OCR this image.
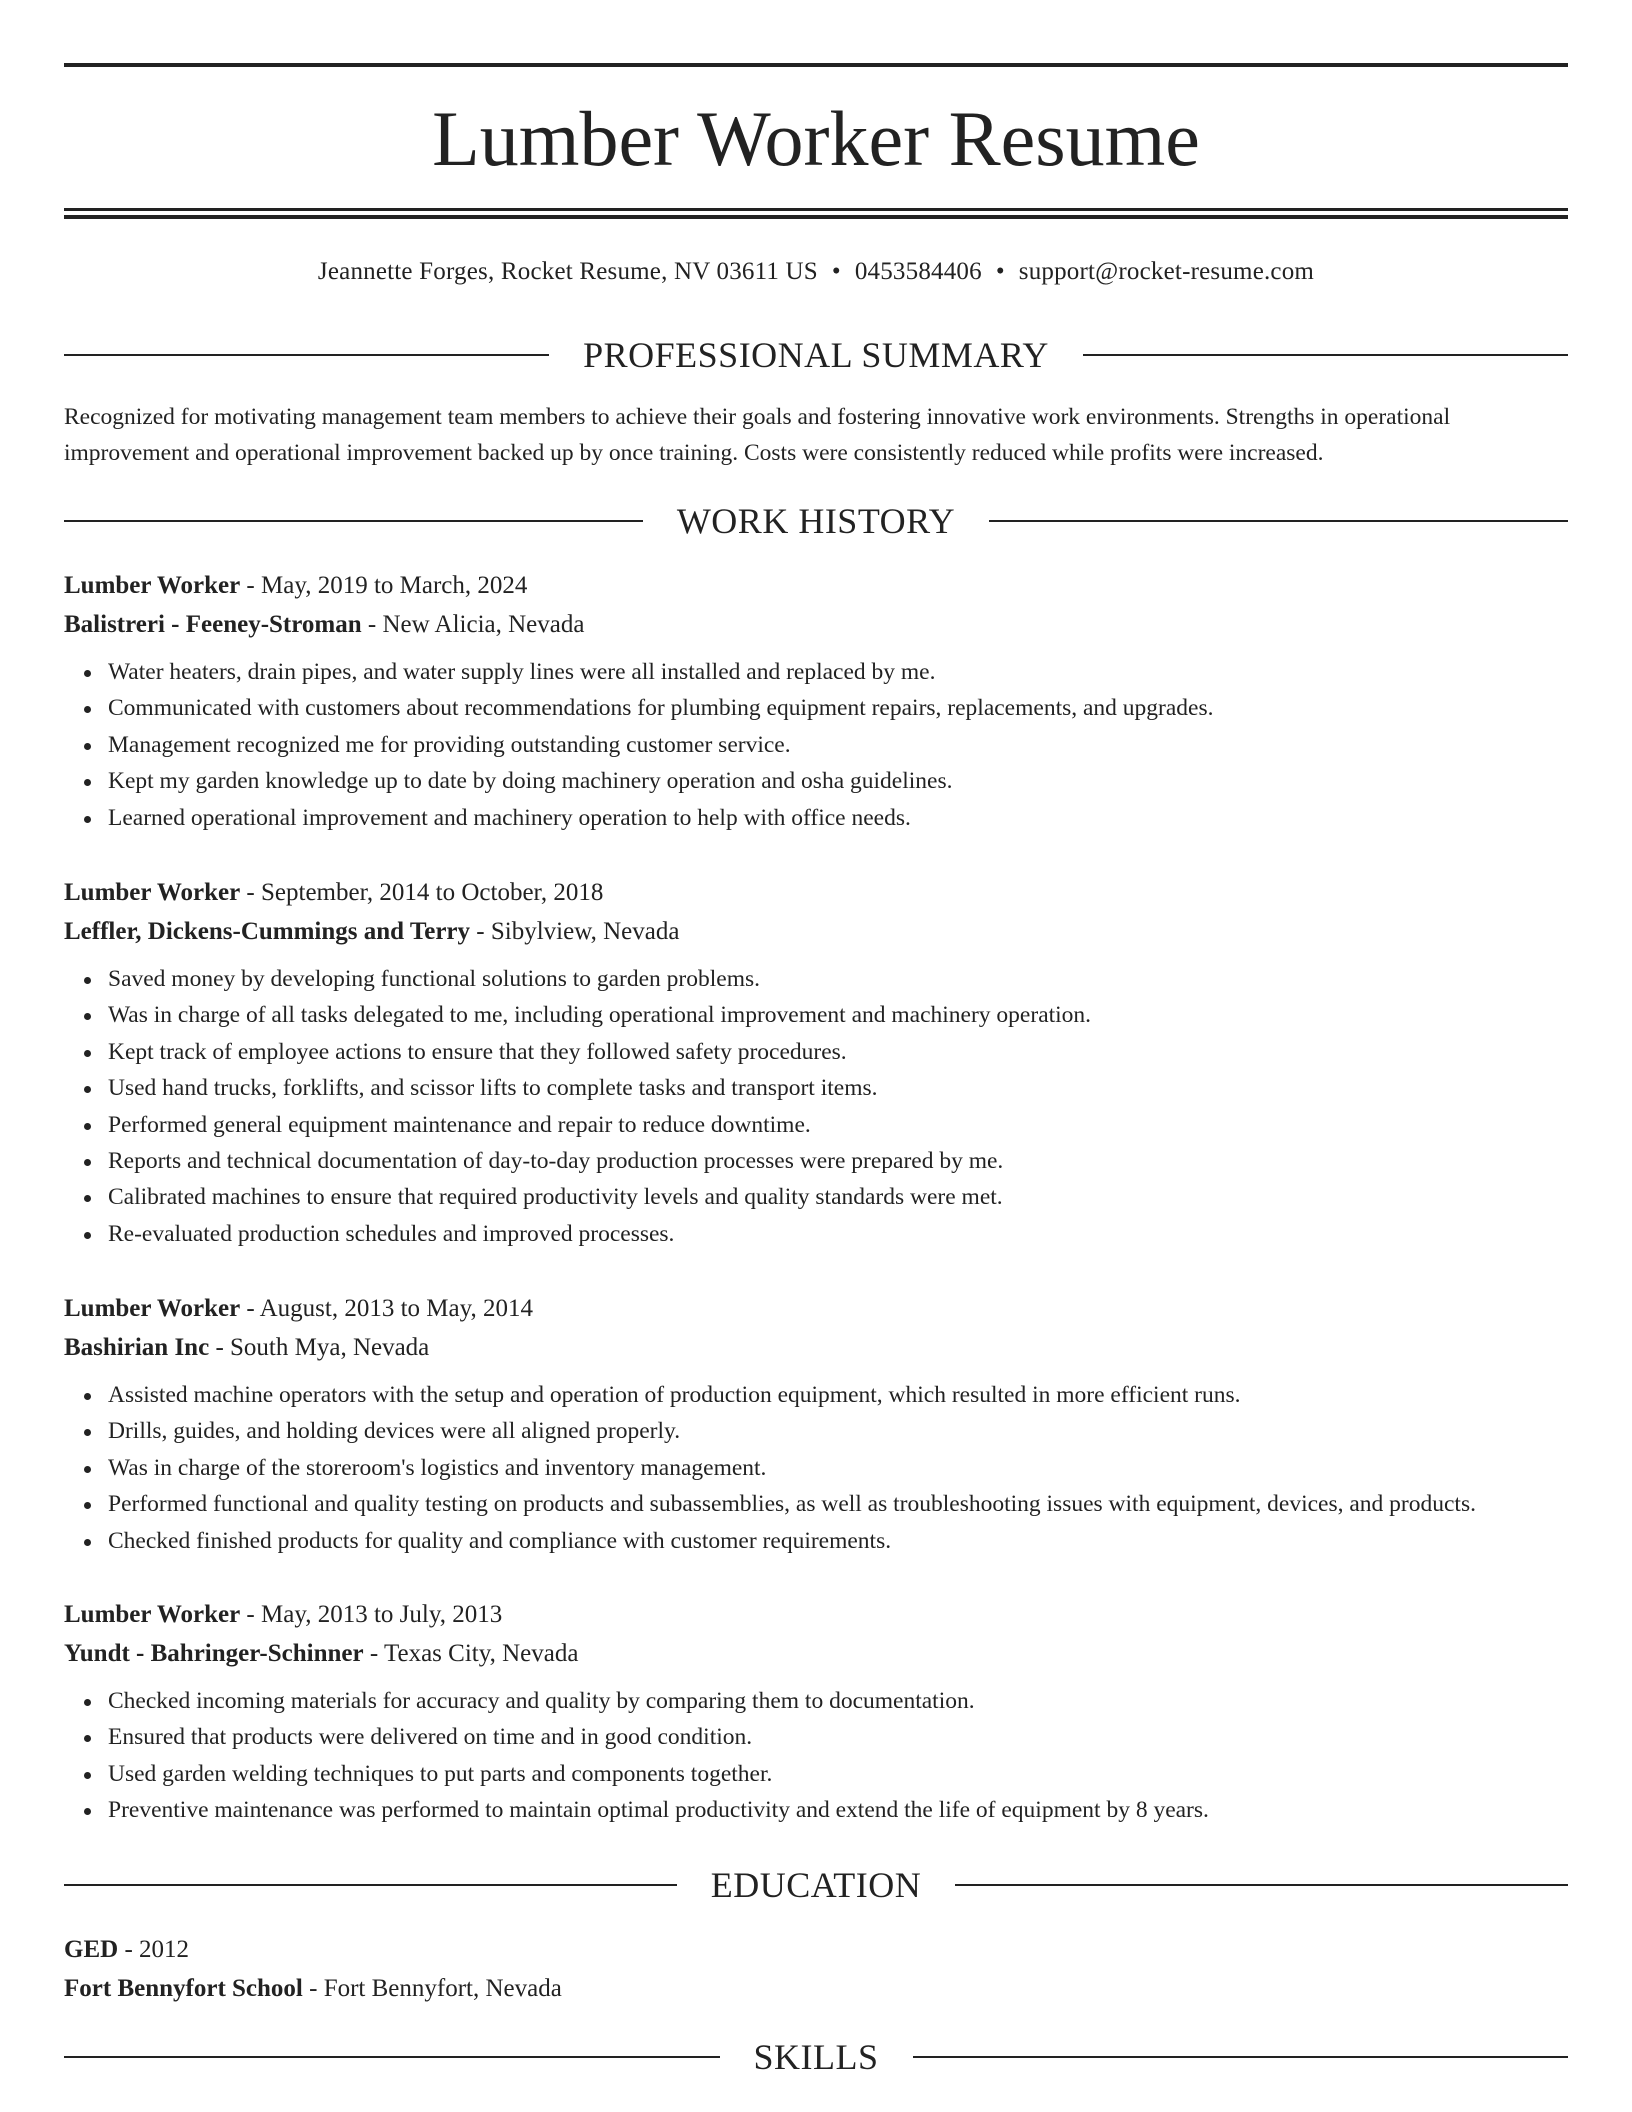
Lumber Worker Resume
Jeannette Forges, Rocket Resume, NV 03611 US • 0453584406 • support@rocket-resume.com
PROFESSIONAL SUMMARY

Recognized for motivating management team members to achieve their goals and fostering innovative work environments. Strengths in operational improvement and operational improvement backed up by once training. Costs were consistently reduced while profits were increased.

WORK HISTORY

Lumber Worker - May, 2019 to March, 2024

Balistreri - Feeney-Stroman - New Alicia, Nevada

Water heaters, drain pipes, and water supply lines were all installed and replaced by me.
Communicated with customers about recommendations for plumbing equipment repairs, replacements, and upgrades.
Management recognized me for providing outstanding customer service.
Kept my garden knowledge up to date by doing machinery operation and osha guidelines.
Learned operational improvement and machinery operation to help with office needs.

Lumber Worker - September, 2014 to October, 2018

Leffler, Dickens-Cummings and Terry - Sibylview, Nevada

Saved money by developing functional solutions to garden problems.
Was in charge of all tasks delegated to me, including operational improvement and machinery operation.
Kept track of employee actions to ensure that they followed safety procedures.
Used hand trucks, forklifts, and scissor lifts to complete tasks and transport items.
Performed general equipment maintenance and repair to reduce downtime.
Reports and technical documentation of day-to-day production processes were prepared by me.
Calibrated machines to ensure that required productivity levels and quality standards were met.
Re-evaluated production schedules and improved processes.

Lumber Worker - August, 2013 to May, 2014

Bashirian Inc - South Mya, Nevada

Assisted machine operators with the setup and operation of production equipment, which resulted in more efficient runs.
Drills, guides, and holding devices were all aligned properly.
Was in charge of the storeroom's logistics and inventory management.
Performed functional and quality testing on products and subassemblies, as well as troubleshooting issues with equipment, devices, and products.
Checked finished products for quality and compliance with customer requirements.

Lumber Worker - May, 2013 to July, 2013

Yundt - Bahringer-Schinner - Texas City, Nevada

Checked incoming materials for accuracy and quality by comparing them to documentation.
Ensured that products were delivered on time and in good condition.
Used garden welding techniques to put parts and components together.
Preventive maintenance was performed to maintain optimal productivity and extend the life of equipment by 8 years.
EDUCATION

GED - 2012

Fort Bennyfort School - Fort Bennyfort, Nevada

SKILLS
